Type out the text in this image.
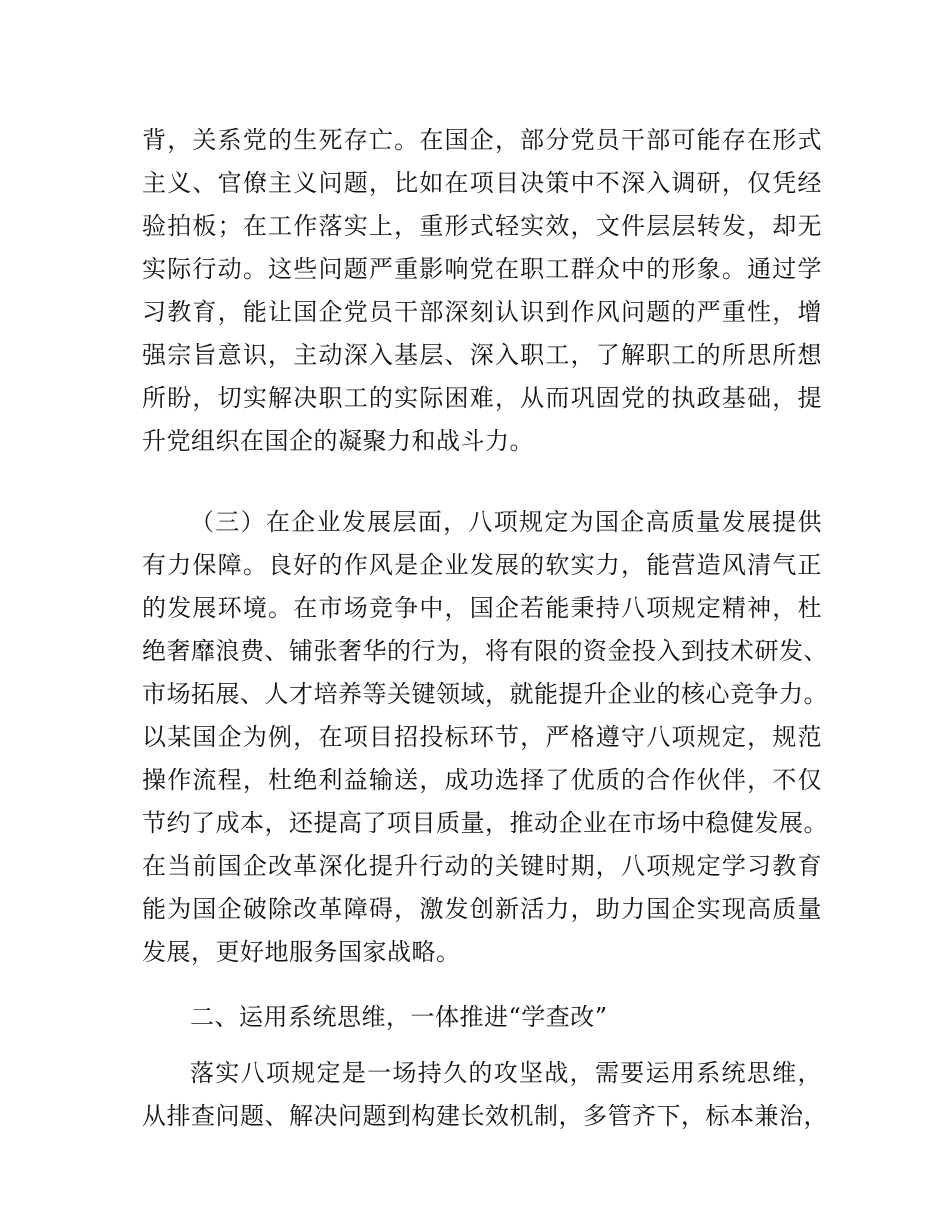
背，关系党的生死存亡。在国企，部分党员干部可能存在形式
主义、官僚主义问题，比如在项目决策中不深入调研，仅凭经
验拍板；在工作落实上，重形式轻实效，文件层层转发，却无
实际行动。这些问题严重影响党在职工群众中的形象。通过学
习教育，能让国企党员干部深刻认识到作风问题的严重性，增
强宗旨意识，主动深入基层、深入职工，了解职工的所思所想
所盼，切实解决职工的实际困难，从而巩固党的执政基础，提
升党组织在国企的凝聚力和战斗力。
（三）在企业发展层面，八项规定为国企高质量发展提供
有力保障。良好的作风是企业发展的软实力，能营造风清气正
的发展环境。在市场竞争中，国企若能秉持八项规定精神，杜
绝奢靡浪费、铺张奢华的行为，将有限的资金投入到技术研发、
市场拓展、人才培养等关键领域，就能提升企业的核心竞争力。
以某国企为例，在项目招投标环节，严格遵守八项规定，规范
操作流程，杜绝利益输送，成功选择了优质的合作伙伴，不仅
节约了成本，还提高了项目质量，推动企业在市场中稳健发展。
在当前国企改革深化提升行动的关键时期，八项规定学习教育
能为国企破除改革障碍，激发创新活力，助力国企实现高质量
发展，更好地服务国家战略。
二、运用系统思维，一体推进“学查改”
落实八项规定是一场持久的攻坚战，需要运用系统思维，
从排查问题、解决问题到构建长效机制，多管齐下，标本兼治，
